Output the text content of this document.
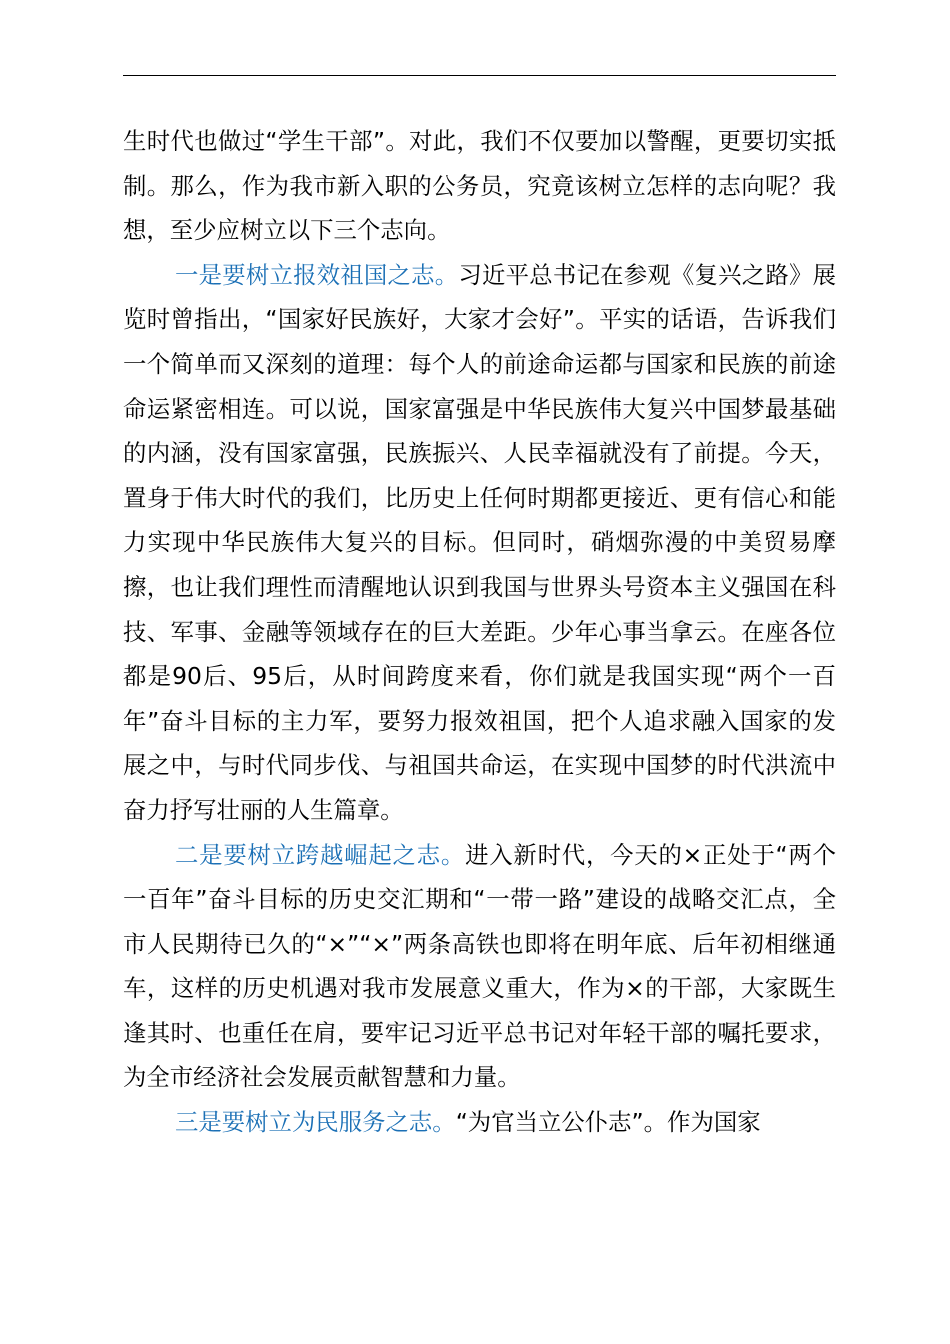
生时代也做过“学生干部”。对此，我们不仅要加以警醒，更要切实抵制。那么，作为我市新入职的公务员，究竟该树立怎样的志向呢？我想，至少应树立以下三个志向。

一是要树立报效祖国之志。习近平总书记在参观《复兴之路》展览时曾指出，“国家好民族好，大家才会好”。平实的话语，告诉我们一个简单而又深刻的道理：每个人的前途命运都与国家和民族的前途命运紧密相连。可以说，国家富强是中华民族伟大复兴中国梦最基础的内涵，没有国家富强，民族振兴、人民幸福就没有了前提。今天，置身于伟大时代的我们，比历史上任何时期都更接近、更有信心和能力实现中华民族伟大复兴的目标。但同时，硝烟弥漫的中美贸易摩擦，也让我们理性而清醒地认识到我国与世界头号资本主义强国在科技、军事、金融等领域存在的巨大差距。少年心事当拿云。在座各位都是90后、95后，从时间跨度来看，你们就是我国实现“两个一百年”奋斗目标的主力军，要努力报效祖国，把个人追求融入国家的发展之中，与时代同步伐、与祖国共命运，在实现中国梦的时代洪流中奋力抒写壮丽的人生篇章。

二是要树立跨越崛起之志。进入新时代，今天的×正处于“两个一百年”奋斗目标的历史交汇期和“一带一路”建设的战略交汇点，全市人民期待已久的“×”“×”两条高铁也即将在明年底、后年初相继通车，这样的历史机遇对我市发展意义重大，作为×的干部，大家既生逢其时、也重任在肩，要牢记习近平总书记对年轻干部的嘱托要求，为全市经济社会发展贡献智慧和力量。

三是要树立为民服务之志。“为官当立公仆志”。作为国家
